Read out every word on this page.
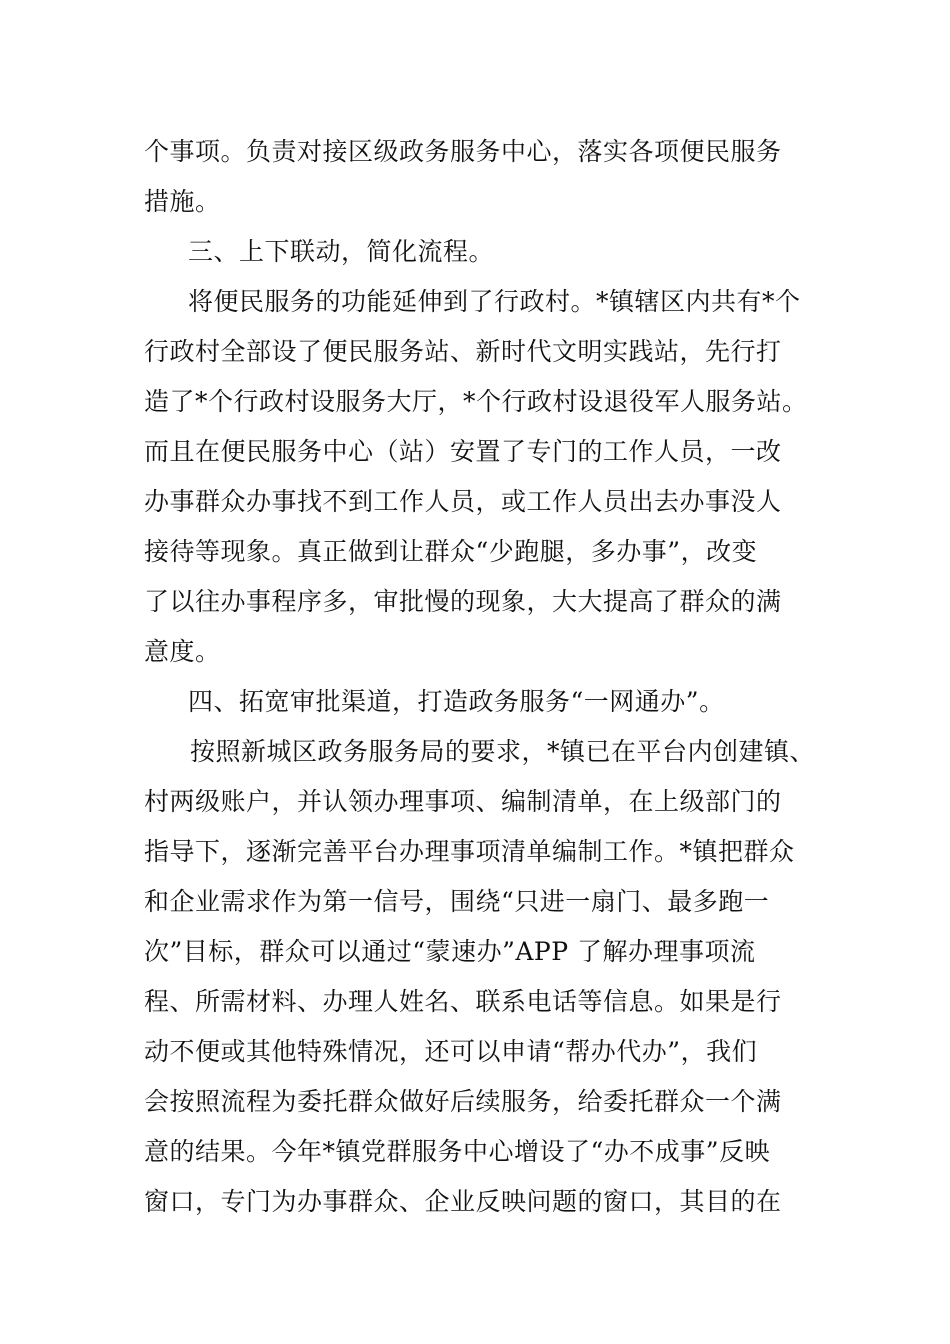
个事项。负责对接区级政务服务中心，落实各项便民服务
措施。
三、上下联动，简化流程。
将便民服务的功能延伸到了行政村。*镇辖区内共有*个
行政村全部设了便民服务站、新时代文明实践站，先行打
造了*个行政村设服务大厅，*个行政村设退役军人服务站。
而且在便民服务中心（站）安置了专门的工作人员，一改
办事群众办事找不到工作人员，或工作人员出去办事没人
接待等现象。真正做到让群众“少跑腿，多办事”，改变
了以往办事程序多，审批慢的现象，大大提高了群众的满
意度。
四、拓宽审批渠道，打造政务服务“一网通办”。
按照新城区政务服务局的要求，*镇已在平台内创建镇、
村两级账户，并认领办理事项、编制清单，在上级部门的
指导下，逐渐完善平台办理事项清单编制工作。*镇把群众
和企业需求作为第一信号，围绕“只进一扇门、最多跑一
次”目标，群众可以通过“蒙速办”APP 了解办理事项流
程、所需材料、办理人姓名、联系电话等信息。如果是行
动不便或其他特殊情况，还可以申请“帮办代办”，我们
会按照流程为委托群众做好后续服务，给委托群众一个满
意的结果。今年*镇党群服务中心增设了“办不成事”反映
窗口，专门为办事群众、企业反映问题的窗口，其目的在
